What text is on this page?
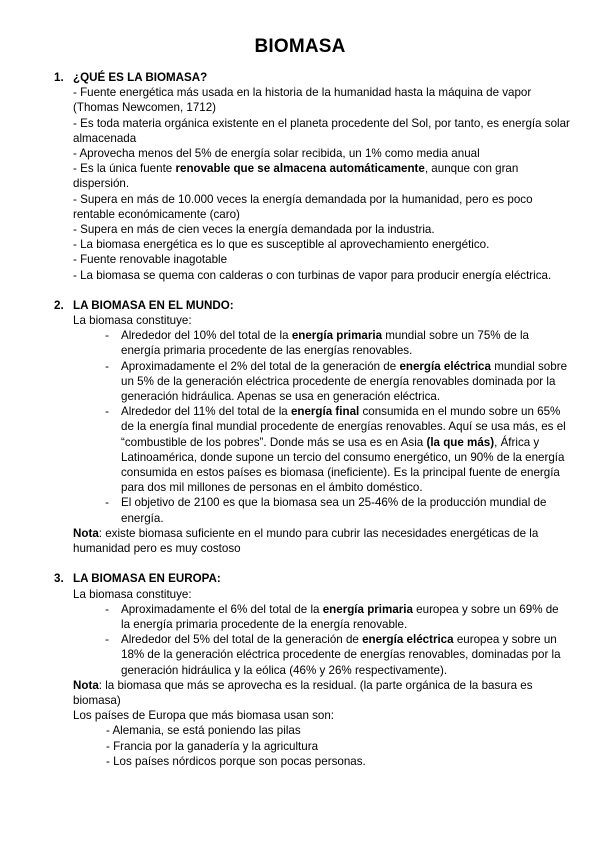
BIOMASA
1. ¿QUÉ ES LA BIOMASA?
- Fuente energética más usada en la historia de la humanidad hasta la máquina de vapor (Thomas Newcomen, 1712)
- Es toda materia orgánica existente en el planeta procedente del Sol, por tanto, es energía solar almacenada
- Aprovecha menos del 5% de energía solar recibida, un 1% como media anual
- Es la única fuente renovable que se almacena automáticamente, aunque con gran dispersión.
- Supera en más de 10.000 veces la energía demandada por la humanidad, pero es poco rentable económicamente (caro)
- Supera en más de cien veces la energía demandada por la industria.
- La biomasa energética es lo que es susceptible al aprovechamiento energético.
- Fuente renovable inagotable
- La biomasa se quema con calderas o con turbinas de vapor para producir energía eléctrica.
2. LA BIOMASA EN EL MUNDO:
La biomasa constituye:
-	Alrededor del 10% del total de la energía primaria mundial sobre un 75% de la energía primaria procedente de las energías renovables.
-	Aproximadamente el 2% del total de la generación de energía eléctrica mundial sobre un 5% de la generación eléctrica procedente de energía renovables dominada por la generación hidráulica. Apenas se usa en generación eléctrica.
-	Alrededor del 11% del total de la energía final consumida en el mundo sobre un 65% de la energía final mundial procedente de energías renovables. Aquí se usa más, es el “combustible de los pobres”. Donde más se usa es en Asia (la que más), África y Latinoamérica, donde supone un tercio del consumo energético, un 90% de la energía consumida en estos países es biomasa (ineficiente). Es la principal fuente de energía para dos mil millones de personas en el ámbito doméstico.
-	El objetivo de 2100 es que la biomasa sea un 25-46% de la producción mundial de energía.
Nota: existe biomasa suficiente en el mundo para cubrir las necesidades energéticas de la humanidad pero es muy costoso
3. LA BIOMASA EN EUROPA:
La biomasa constituye:
-	Aproximadamente el 6% del total de la energía primaria europea y sobre un 69% de la energía primaria procedente de la energía renovable.
-	Alrededor del 5% del total de la generación de energía eléctrica europea y sobre un 18% de la generación eléctrica procedente de energías renovables, dominadas por la generación hidráulica y la eólica (46% y 26% respectivamente).
Nota: la biomasa que más se aprovecha es la residual. (la parte orgánica de la basura es biomasa)
Los países de Europa que más biomasa usan son:
- Alemania, se está poniendo las pilas
- Francia por la ganadería y la agricultura
- Los países nórdicos porque son pocas personas.
